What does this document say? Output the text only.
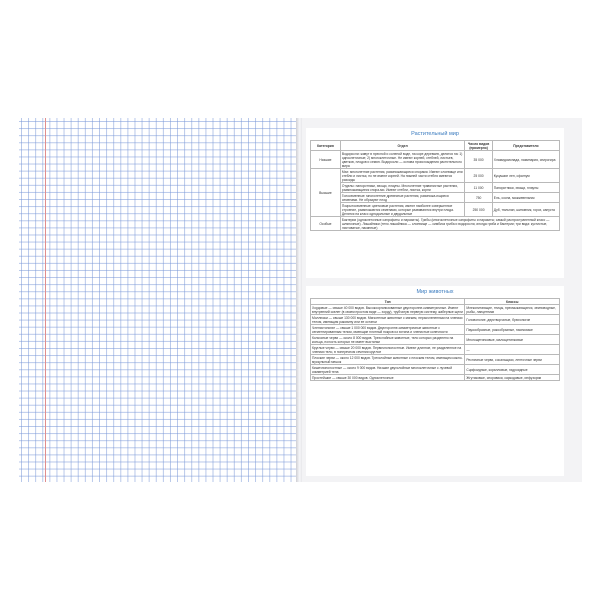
Растительный мир
Категория	Отдел	Число видов (примерно)	Представители
Низшие	Водоросли: живут в пресной и соленой воде, на коре деревьев, делятся на: 1) одноклеточные; 2) многоклеточные. Не имеют корней, стеблей, листьев, цветков, плодов и семян. Водоросли — основа происхождения растительного мира	35 000	Хламидомонада, ламинария, спирогира
Высшие	Мхи: многолетние растения, размножающиеся спорами. Имеют слоевище или стебли и листья, но не имеют корней. На нижней части стебля имеются ризоиды	25 000	Кукушкин лен, сфагнум
	Отделы: папоротники, хвощи, плауны. Многолетние травянистые растения, размножающиеся спора-ми. Имеют стебли, листья, корни	11 000	Папоротники, хвощи, плауны
	Голосеменные: многолетние древесные растения, размножа-ющиеся семенами. Не образуют плод	750	Ель, сосна, можжевельник
	Покрытосеменные: цветковые растения, имеют наиболее совершенное строение, размножаются семенами, которые развиваются внутри плода. Делятся на класс однодольные и двудольные	250 000	Дуб, тюльпан, шиповник, горох, капуста
Особые	Бактерии (одноклеточные сапрофиты и паразиты). Грибы (многоклеточные сапрофиты и паразиты; самый распространенный класс — шляпочные). Лишайники (тело лишайника — слоевище — симбиоз гриба и водоросли, иногда гриба и бактерии; три вида: кустистые, листоватые, накипные)		
Мир животных
Тип	Классы
Хордовые — свыше 40 000 видов. Высокоорганизованные двусторонне-симметричные. Имеют внутренний скелет (в своем простом виде — хорду), трубчатую нервную систему, жаберные щели	Млекопитающие, птицы, пресмыкающиеся, земноводные, рыбы, ланцетники
Моллюски — свыше 130 000 видов. Мягкотелые животные с мягким, нерасчлененным на членики телом, имеющим раковину или ее остатки	Головоногие, двустворчатые, брюхоногие
Членистоногие — свыше 1 000 000 видов. Двусторонне-симметричные животные с сегментированным телом, имеющие плотный покров из хитина и членистые конечности	Паукообразные, ракообразные, насекомые
Кольчатые черви — около 8 000 видов. Трехслойные животные, тело которых разделено на кольца, полость которых не имеет выстилки	Многощетинковые, малощетинковые
Круглые черви — свыше 20 000 видов. Первичнополостные. Имеют длинное, не разделенное на членики тело, в поперечном сечении круглое	—
Плоские черви — около 12 000 видов. Трехслойные животные с плоским телом, имеющим кожно-мускульный мешок	Ресничные черви, сосальщики, ленточные черви
Кишечнополостные — около 9 000 видов. Низшие двухслойные многоклеточные с лучевой симметрией тела	Сцифоидные, коралловые, гидроидные
Простейшие — свыше 30 000 видов. Одноклеточные	Жгутиковые, споровики, саркодовые, инфузории
